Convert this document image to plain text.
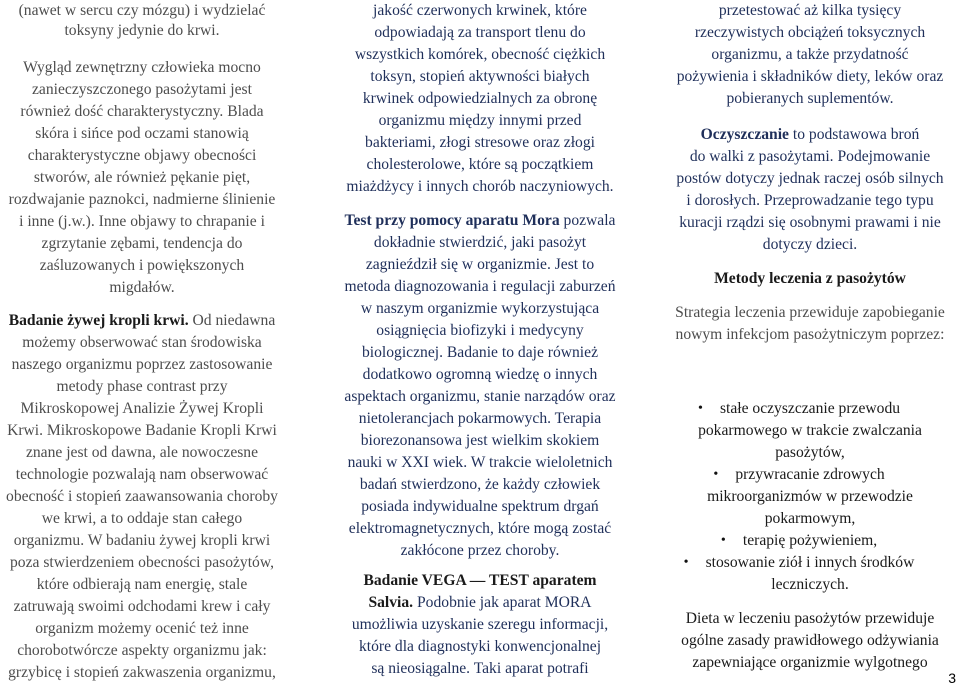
(nawet w sercu czy mózgu) i wydzielać
toksyny jedynie do krwi.
Wygląd zewnętrzny człowieka mocno
zanieczyszczonego pasożytami jest
również dość charakterystyczny. Blada
skóra i sińce pod oczami stanowią
charakterystyczne objawy obecności
stworów, ale również pękanie pięt,
rozdwajanie paznokci, nadmierne ślinienie
i inne (j.w.). Inne objawy to chrapanie i
zgrzytanie zębami, tendencja do
zaśluzowanych i powiększonych
migdałów.
Badanie żywej kropli krwi. Od niedawna
możemy obserwować stan środowiska
naszego organizmu poprzez zastosowanie
metody phase contrast przy
Mikroskopowej Analizie Żywej Kropli
Krwi. Mikroskopowe Badanie Kropli Krwi
znane jest od dawna, ale nowoczesne
technologie pozwalają nam obserwować
obecność i stopień zaawansowania choroby
we krwi, a to oddaje stan całego
organizmu. W badaniu żywej kropli krwi
poza stwierdzeniem obecności pasożytów,
które odbierają nam energię, stale
zatruwają swoimi odchodami krew i cały
organizm możemy ocenić też inne
chorobotwórcze aspekty organizmu jak:
grzybicę i stopień zakwaszenia organizmu,
jakość czerwonych krwinek, które
odpowiadają za transport tlenu do
wszystkich komórek, obecność ciężkich
toksyn, stopień aktywności białych
krwinek odpowiedzialnych za obronę
organizmu między innymi przed
bakteriami, złogi stresowe oraz złogi
cholesterolowe, które są początkiem
miażdżycy i innych chorób naczyniowych.
Test przy pomocy aparatu Mora pozwala
dokładnie stwierdzić, jaki pasożyt
zagnieździł się w organizmie. Jest to
metoda diagnozowania i regulacji zaburzeń
w naszym organizmie wykorzystująca
osiągnięcia biofizyki i medycyny
biologicznej. Badanie to daje również
dodatkowo ogromną wiedzę o innych
aspektach organizmu, stanie narządów oraz
nietolerancjach pokarmowych. Terapia
biorezonansowa jest wielkim skokiem
nauki w XXI wiek. W trakcie wieloletnich
badań stwierdzono, że każdy człowiek
posiada indywidualne spektrum drgań
elektromagnetycznych, które mogą zostać
zakłócone przez choroby.
Badanie VEGA — TEST aparatem
Salvia. Podobnie jak aparat MORA
umożliwia uzyskanie szeregu informacji,
które dla diagnostyki konwencjonalnej
są nieosiągalne. Taki aparat potrafi
przetestować aż kilka tysięcy
rzeczywistych obciążeń toksycznych
organizmu, a także przydatność
pożywienia i składników diety, leków oraz
pobieranych suplementów.
Oczyszczanie to podstawowa broń
do walki z pasożytami. Podejmowanie
postów dotyczy jednak raczej osób silnych
i dorosłych. Przeprowadzanie tego typu
kuracji rządzi się osobnymi prawami i nie
dotyczy dzieci.
Metody leczenia z pasożytów
Strategia leczenia przewiduje zapobieganie
nowym infekcjom pasożytniczym poprzez:
stałe oczyszczanie przewodu
pokarmowego w trakcie zwalczania
pasożytów,
przywracanie zdrowych
mikroorganizmów w przewodzie
pokarmowym,
terapię pożywieniem,
stosowanie ziół i innych środków
leczniczych.
Dieta w leczeniu pasożytów przewiduje
ogólne zasady prawidłowego odżywiania
zapewniające organizmie wylgotnego
3
